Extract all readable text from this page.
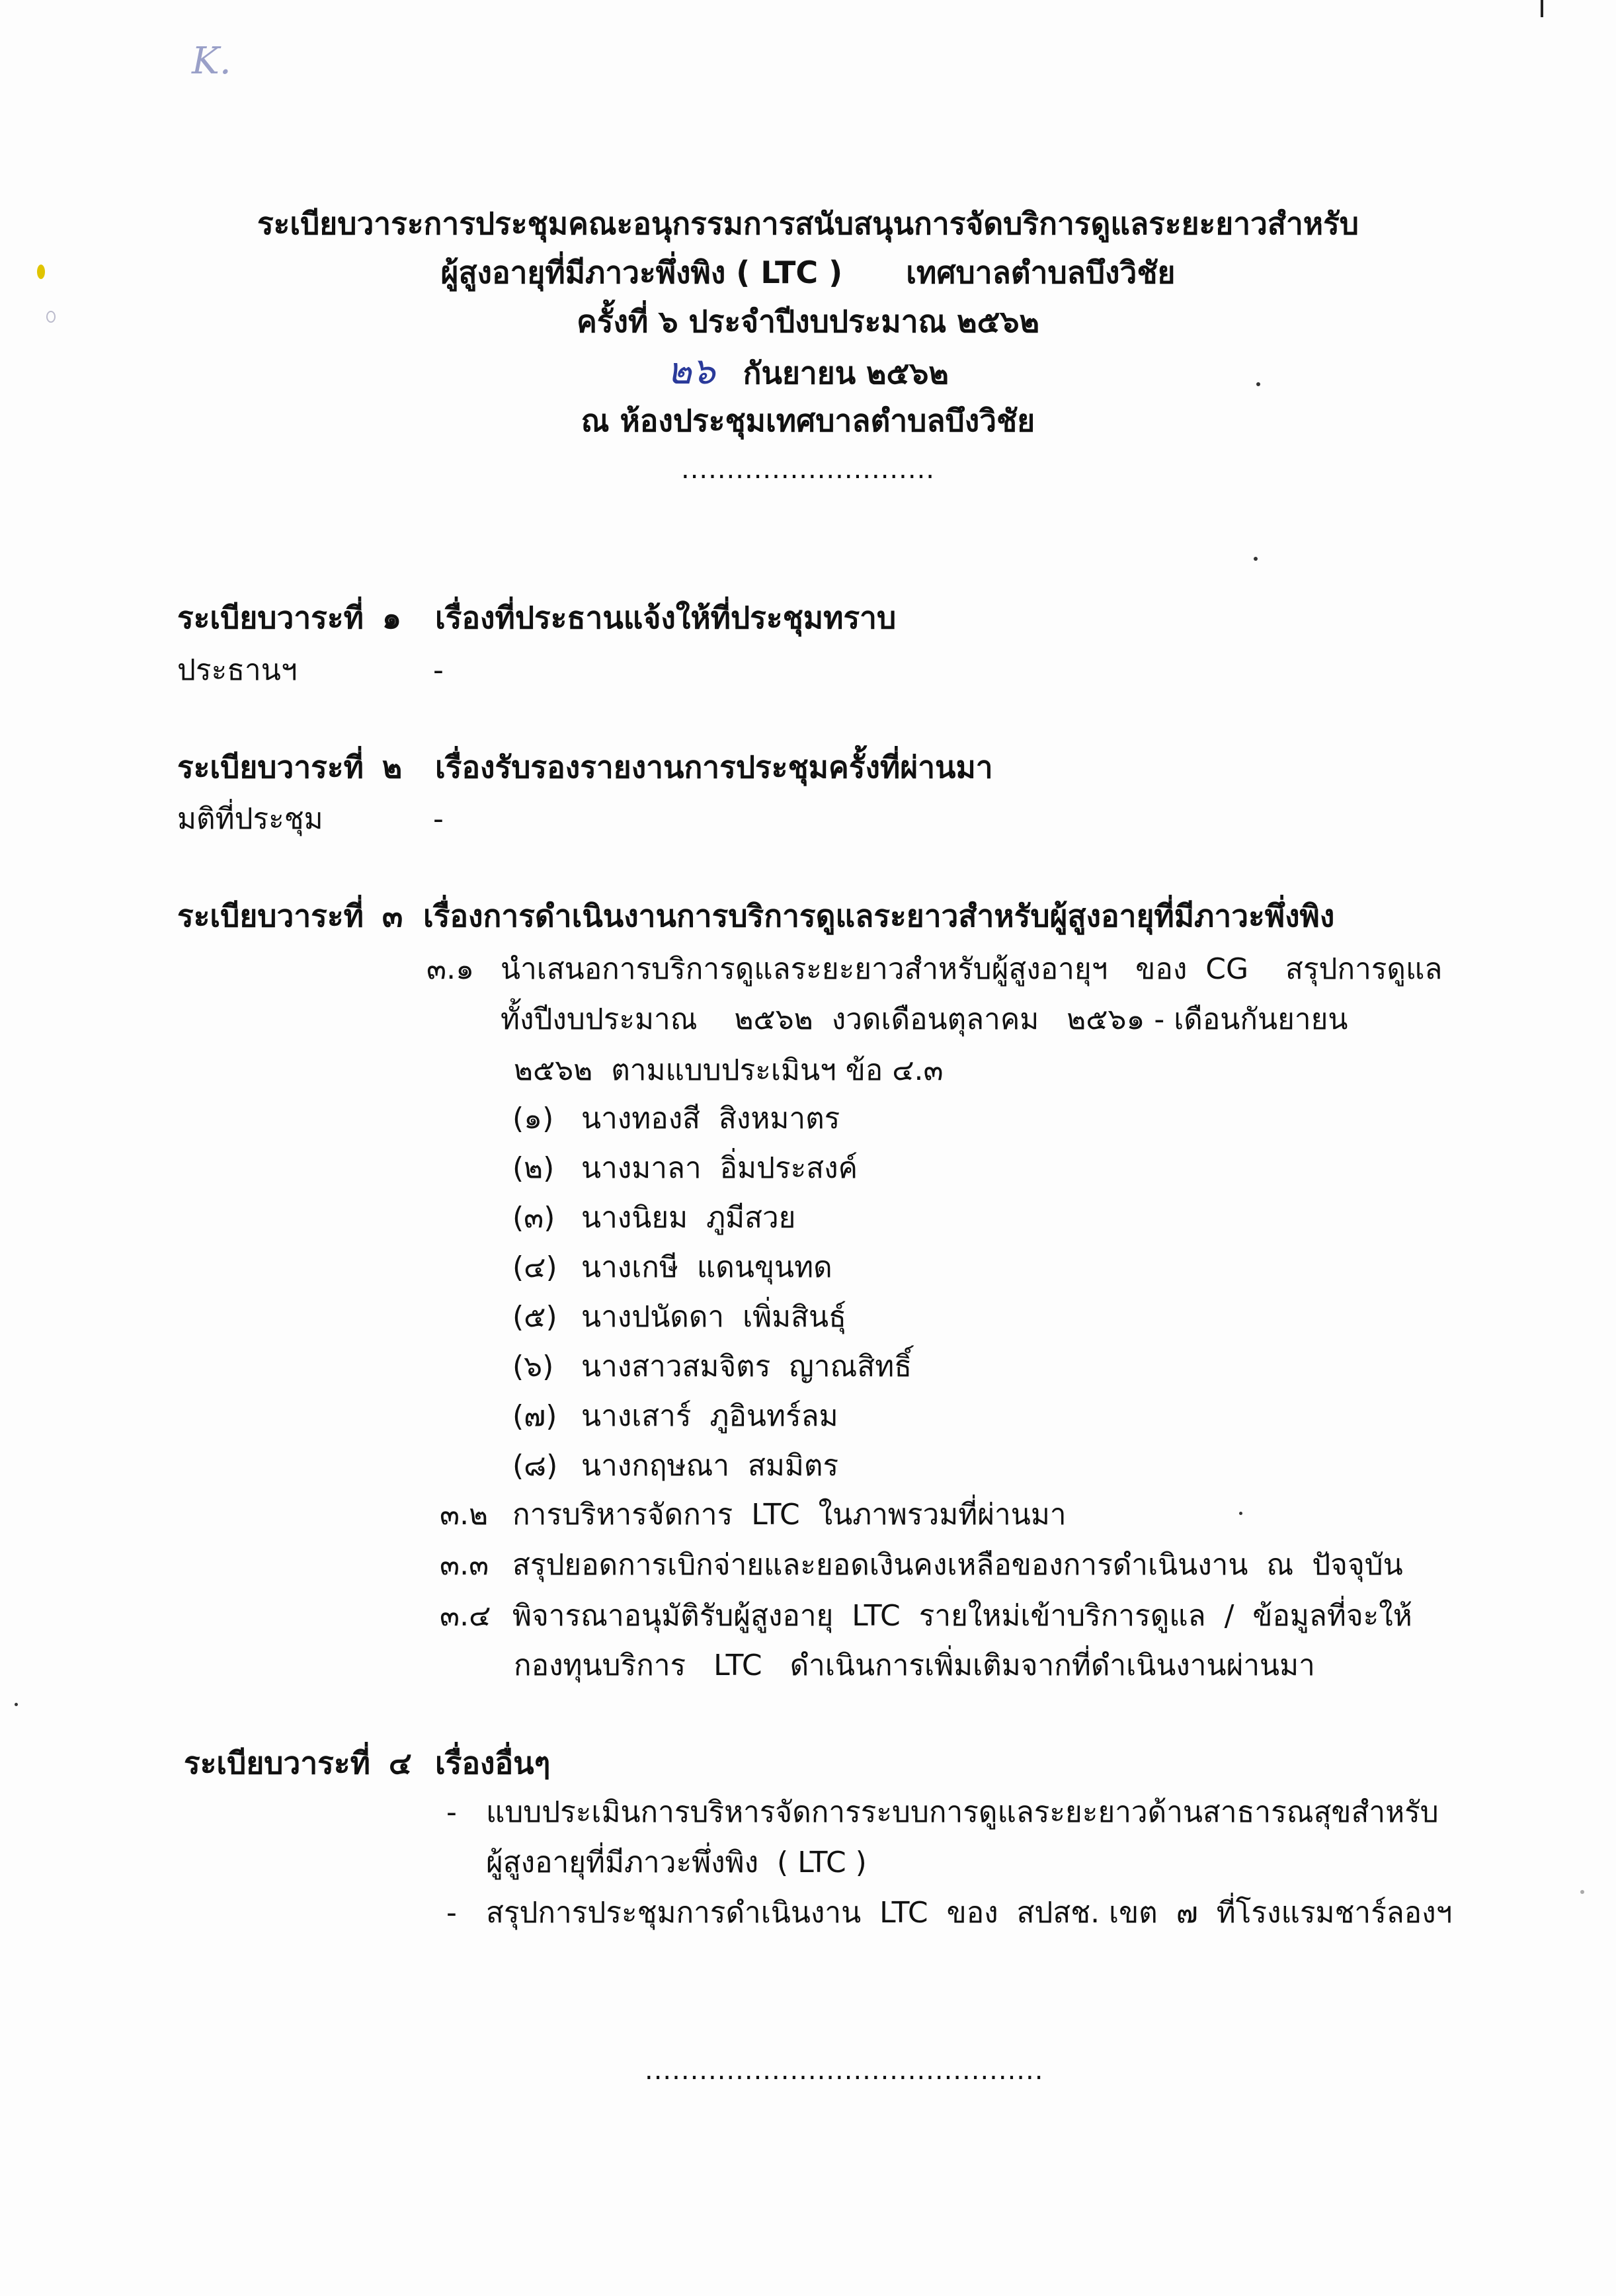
K.
ระเบียบวาระการประชุมคณะอนุกรรมการสนับสนุนการจัดบริการดูแลระยะยาวสำหรับ
ผู้สูงอายุที่มีภาวะพึ่งพิง ( LTC )      เทศบาลตำบลบึงวิชัย
ครั้งที่ ๖ ประจำปีงบประมาณ ๒๕๖๒
๒๖ กันยายน ๒๕๖๒
ณ ห้องประชุมเทศบาลตำบลบึงวิชัย
............................
ระเบียบวาระที่ ๑ เรื่องที่ประธานแจ้งให้ที่ประชุมทราบ
ประธานฯ	-
ระเบียบวาระที่ ๒ เรื่องรับรองรายงานการประชุมครั้งที่ผ่านมา
มติที่ประชุม	-
ระเบียบวาระที่ ๓ เรื่องการดำเนินงานการบริการดูแลระยาวสำหรับผู้สูงอายุที่มีภาวะพึ่งพิง
๓.๑ นำเสนอการบริการดูแลระยะยาวสำหรับผู้สูงอายุฯ   ของ  CG    สรุปการดูแล
ทั้งปีงบประมาณ    ๒๕๖๒  งวดเดือนตุลาคม   ๒๕๖๑ - เดือนกันยายน
๒๕๖๒  ตามแบบประเมินฯ ข้อ ๔.๓
(๑) นางทองสี  สิงหมาตร
(๒) นางมาลา  อิ่มประสงค์
(๓) นางนิยม  ภูมีสวย
(๔) นางเกษี  แดนขุนทด
(๕) นางปนัดดา  เพิ่มสินธุ์
(๖) นางสาวสมจิตร  ญาณสิทธิ์
(๗) นางเสาร์  ภูอินทร์ลม
(๘) นางกฤษณา  สมมิตร
๓.๒ การบริหารจัดการ  LTC  ในภาพรวมที่ผ่านมา
๓.๓ สรุปยอดการเบิกจ่ายและยอดเงินคงเหลือของการดำเนินงาน  ณ  ปัจจุบัน
๓.๔ พิจารณาอนุมัติรับผู้สูงอายุ  LTC  รายใหม่เข้าบริการดูแล  /  ข้อมูลที่จะให้
กองทุนบริการ   LTC   ดำเนินการเพิ่มเติมจากที่ดำเนินงานผ่านมา
ระเบียบวาระที่ ๔ เรื่องอื่นๆ
- แบบประเมินการบริหารจัดการระบบการดูแลระยะยาวด้านสาธารณสุขสำหรับ
ผู้สูงอายุที่มีภาวะพึ่งพิง  ( LTC )
- สรุปการประชุมการดำเนินงาน  LTC  ของ  สปสช. เขต  ๗  ที่โรงแรมชาร์ลองฯ
............................................
